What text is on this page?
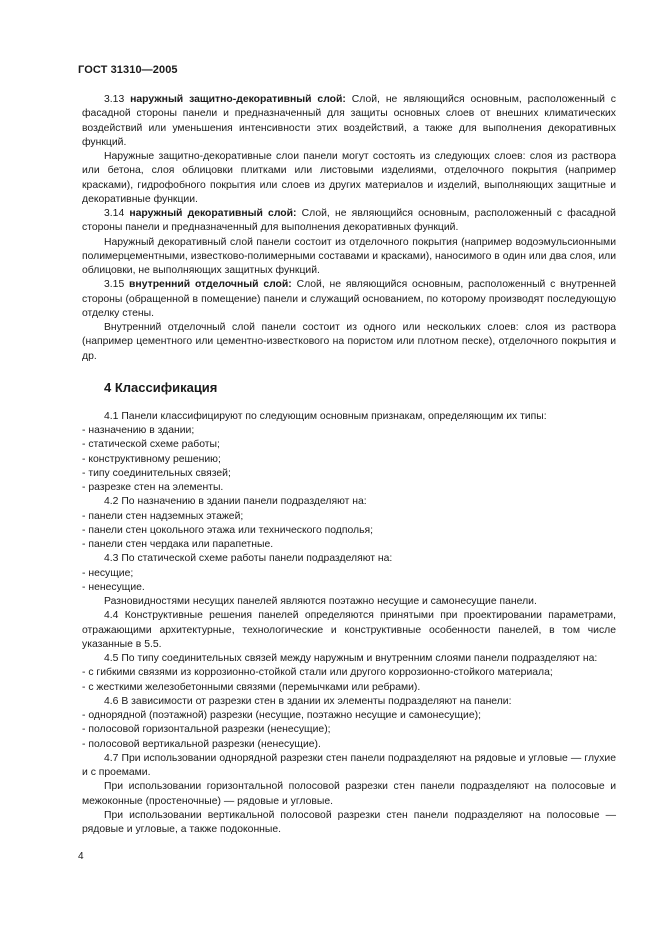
ГОСТ 31310—2005

3.13 наружный защитно-декоративный слой: Слой, не являющийся основным, расположенный с фасадной стороны панели и предназначенный для защиты основных слоев от внешних климатических воздействий или уменьшения интенсивности этих воздействий, а также для выполнения декоративных функций.

Наружные защитно-декоративные слои панели могут состоять из следующих слоев: слоя из раствора или бетона, слоя облицовки плитками или листовыми изделиями, отделочного покрытия (например красками), гидрофобного покрытия или слоев из других материалов и изделий, выполняющих защитные и декоративные функции.

3.14 наружный декоративный слой: Слой, не являющийся основным, расположенный с фасадной стороны панели и предназначенный для выполнения декоративных функций.

Наружный декоративный слой панели состоит из отделочного покрытия (например водоэмульсионными полимерцементными, известково-полимерными составами и красками), наносимого в один или два слоя, или облицовки, не выполняющих защитных функций.

3.15 внутренний отделочный слой: Слой, не являющийся основным, расположенный с внутренней стороны (обращенной в помещение) панели и служащий основанием, по которому производят последующую отделку стены.

Внутренний отделочный слой панели состоит из одного или нескольких слоев: слоя из раствора (например цементного или цементно-известкового на пористом или плотном песке), отделочного покрытия и др.

4 Классификация

4.1 Панели классифицируют по следующим основным признакам, определяющим их типы:

- назначению в здании;

- статической схеме работы;

- конструктивному решению;

- типу соединительных связей;

- разрезке стен на элементы.

4.2 По назначению в здании панели подразделяют на:

- панели стен надземных этажей;

- панели стен цокольного этажа или технического подполья;

- панели стен чердака или парапетные.

4.3 По статической схеме работы панели подразделяют на:

- несущие;

- ненесущие.

Разновидностями несущих панелей являются поэтажно несущие и самонесущие панели.

4.4 Конструктивные решения панелей определяются принятыми при проектировании параметрами, отражающими архитектурные, технологические и конструктивные особенности панелей, в том числе указанные в 5.5.

4.5 По типу соединительных связей между наружным и внутренним слоями панели подразделяют на:

- с гибкими связями из коррозионно-стойкой стали или другого коррозионно-стойкого материала;

- с жесткими железобетонными связями (перемычками или ребрами).

4.6 В зависимости от разрезки стен в здании их элементы подразделяют на панели:

- однорядной (поэтажной) разрезки (несущие, поэтажно несущие и самонесущие);

- полосовой горизонтальной разрезки (ненесущие);

- полосовой вертикальной разрезки (ненесущие).

4.7 При использовании однорядной разрезки стен панели подразделяют на рядовые и угловые — глухие и с проемами.

При использовании горизонтальной полосовой разрезки стен панели подразделяют на полосовые и межоконные (простеночные) — рядовые и угловые.

При использовании вертикальной полосовой разрезки стен панели подразделяют на полосовые — рядовые и угловые, а также подоконные.

4
